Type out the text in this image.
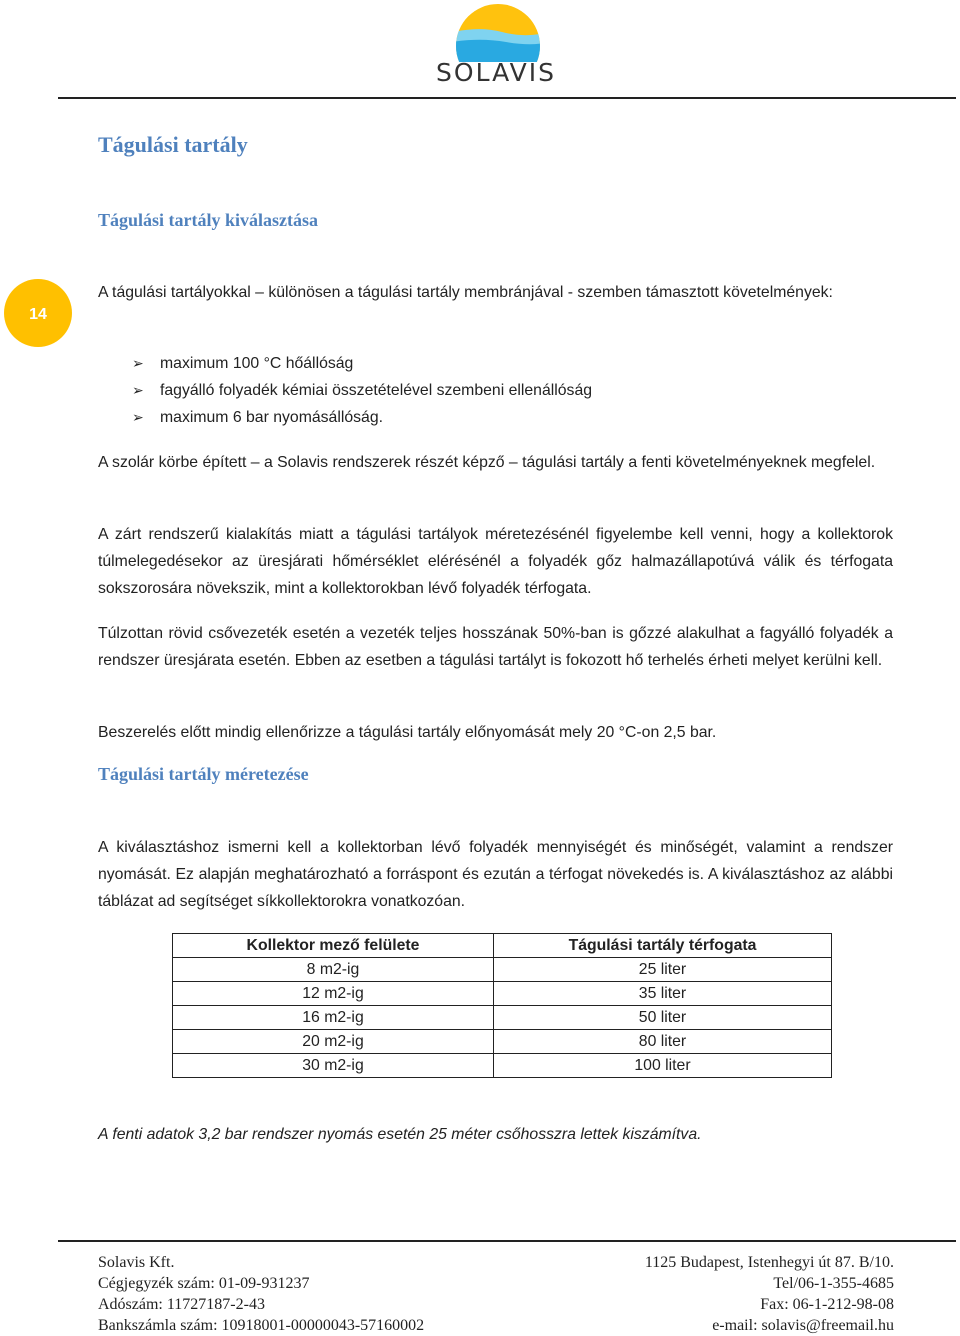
SOLAVIS
14
Tágulási tartály
Tágulási tartály kiválasztása

A tágulási tartályokkal – különösen a tágulási tartály membránjával - szemben támasztott követelmények:

➢ maximum 100 °C hőállóság
➢ fagyálló folyadék kémiai összetételével szembeni ellenállóság
➢ maximum 6 bar nyomásállóság.

A szolár körbe épített – a Solavis rendszerek részét képző – tágulási tartály a fenti követelményeknek megfelel.

A zárt rendszerű kialakítás miatt a tágulási tartályok méretezésénél figyelembe kell venni, hogy a kollektorok túlmelegedésekor az üresjárati hőmérséklet elérésénél a folyadék gőz halmazállapotúvá válik és térfogata sokszorosára növekszik, mint a kollektorokban lévő folyadék térfogata.

Túlzottan rövid csővezeték esetén a vezeték teljes hosszának 50%-ban is gőzzé alakulhat a fagyálló folyadék a rendszer üresjárata esetén. Ebben az esetben a tágulási tartályt is fokozott hő terhelés érheti melyet kerülni kell.

Beszerelés előtt mindig ellenőrizze a tágulási tartály előnyomását mely 20 °C-on 2,5 bar.

Tágulási tartály méretezése

A kiválasztáshoz ismerni kell a kollektorban lévő folyadék mennyiségét és minőségét, valamint a rendszer nyomását. Ez alapján meghatározható a forráspont és ezután a térfogat növekedés is. A kiválasztáshoz az alábbi táblázat ad segítséget síkkollektorokra vonatkozóan.

Kollektor mező felülete	Tágulási tartály térfogata
8 m2-ig	25 liter
12 m2-ig	35 liter
16 m2-ig	50 liter
20 m2-ig	80 liter
30 m2-ig	100 liter

A fenti adatok 3,2 bar rendszer nyomás esetén 25 méter csőhosszra lettek kiszámítva.

Solavis Kft.
Cégjegyzék szám: 01-09-931237
Adószám: 11727187-2-43
Bankszámla szám: 10918001-00000043-57160002
1125 Budapest, Istenhegyi út 87. B/10.
Tel/06-1-355-4685
Fax: 06-1-212-98-08
e-mail: solavis@freemail.hu
